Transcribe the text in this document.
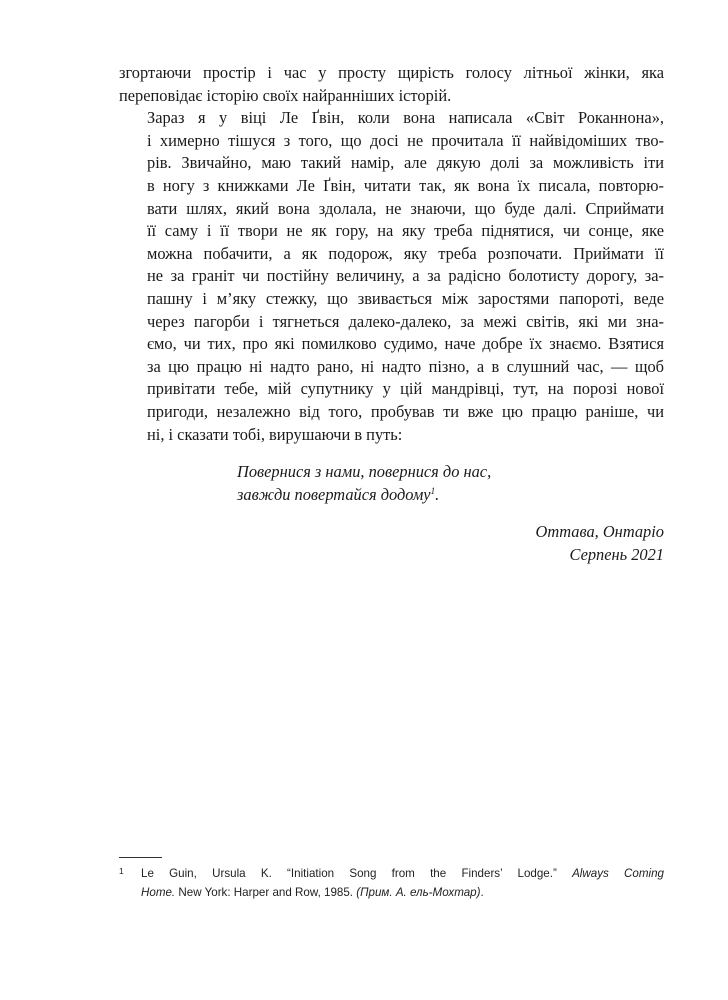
згортаючи простір і час у просту щирість голосу літньої жінки, яка
переповідає історію своїх найранніших історій.

Зараз я у віці Ле Ґвін, коли вона написала «Світ Роканнона»,
і химерно тішуся з того, що досі не прочитала її найвідоміших тво-
рів. Звичайно, маю такий намір, але дякую долі за можливість іти
в ногу з книжками Ле Ґвін, читати так, як вона їх писала, повторю-
вати шлях, який вона здолала, не знаючи, що буде далі. Сприймати
її саму і її твори не як гору, на яку треба піднятися, чи сонце, яке
можна побачити, а як подорож, яку треба розпочати. Приймати її
не за граніт чи постійну величину, а за радісно болотисту дорогу, за-
пашну і м’яку стежку, що звивається між заростями папороті, веде
через пагорби і тягнеться далеко-далеко, за межі світів, які ми зна-
ємо, чи тих, про які помилково судимо, наче добре їх знаємо. Взятися
за цю працю ні надто рано, ні надто пізно, а в слушний час, — щоб
привітати тебе, мій супутнику у цій мандрівці, тут, на порозі нової
пригоди, незалежно від того, пробував ти вже цю працю раніше, чи
ні, і сказати тобі, вирушаючи в путь:

Повернися з нами, повернися до нас,
завжди повертайся додому$^1$.
Оттава, Онтаріо
Серпень 2021
1 Le Guin, Ursula K. “Initiation Song from the Finders’ Lodge.” Always Coming
Home. New York: Harper and Row, 1985. (Прим. А. ель-Мохтар).
